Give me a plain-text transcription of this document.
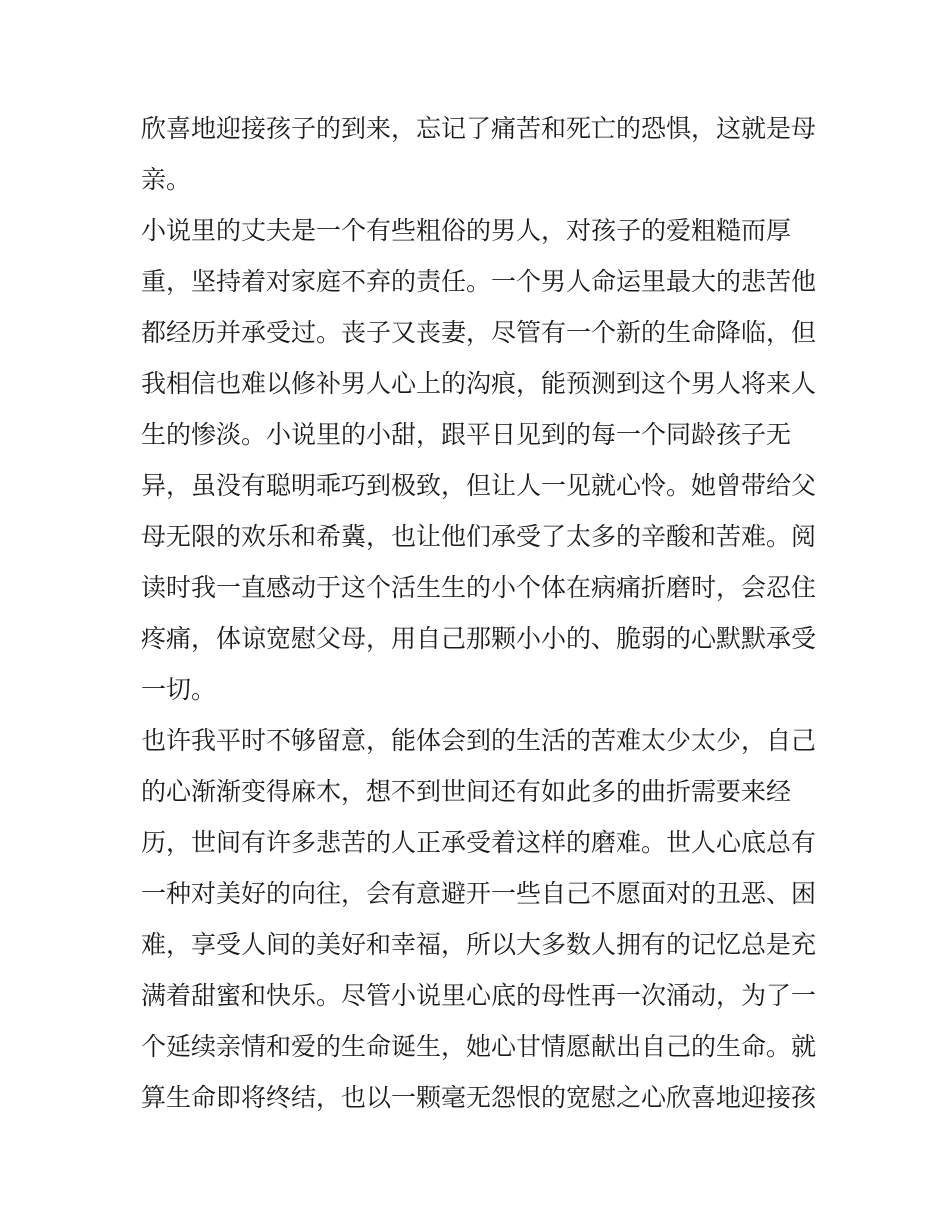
欣喜地迎接孩子的到来，忘记了痛苦和死亡的恐惧，这就是母
亲。
小说里的丈夫是一个有些粗俗的男人，对孩子的爱粗糙而厚
重，坚持着对家庭不弃的责任。一个男人命运里最大的悲苦他
都经历并承受过。丧子又丧妻，尽管有一个新的生命降临，但
我相信也难以修补男人心上的沟痕，能预测到这个男人将来人
生的惨淡。小说里的小甜，跟平日见到的每一个同龄孩子无
异，虽没有聪明乖巧到极致，但让人一见就心怜。她曾带给父
母无限的欢乐和希冀，也让他们承受了太多的辛酸和苦难。阅
读时我一直感动于这个活生生的小个体在病痛折磨时，会忍住
疼痛，体谅宽慰父母，用自己那颗小小的、脆弱的心默默承受
一切。
也许我平时不够留意，能体会到的生活的苦难太少太少，自己
的心渐渐变得麻木，想不到世间还有如此多的曲折需要来经
历，世间有许多悲苦的人正承受着这样的磨难。世人心底总有
一种对美好的向往，会有意避开一些自己不愿面对的丑恶、困
难，享受人间的美好和幸福，所以大多数人拥有的记忆总是充
满着甜蜜和快乐。尽管小说里心底的母性再一次涌动，为了一
个延续亲情和爱的生命诞生，她心甘情愿献出自己的生命。就
算生命即将终结，也以一颗毫无怨恨的宽慰之心欣喜地迎接孩
